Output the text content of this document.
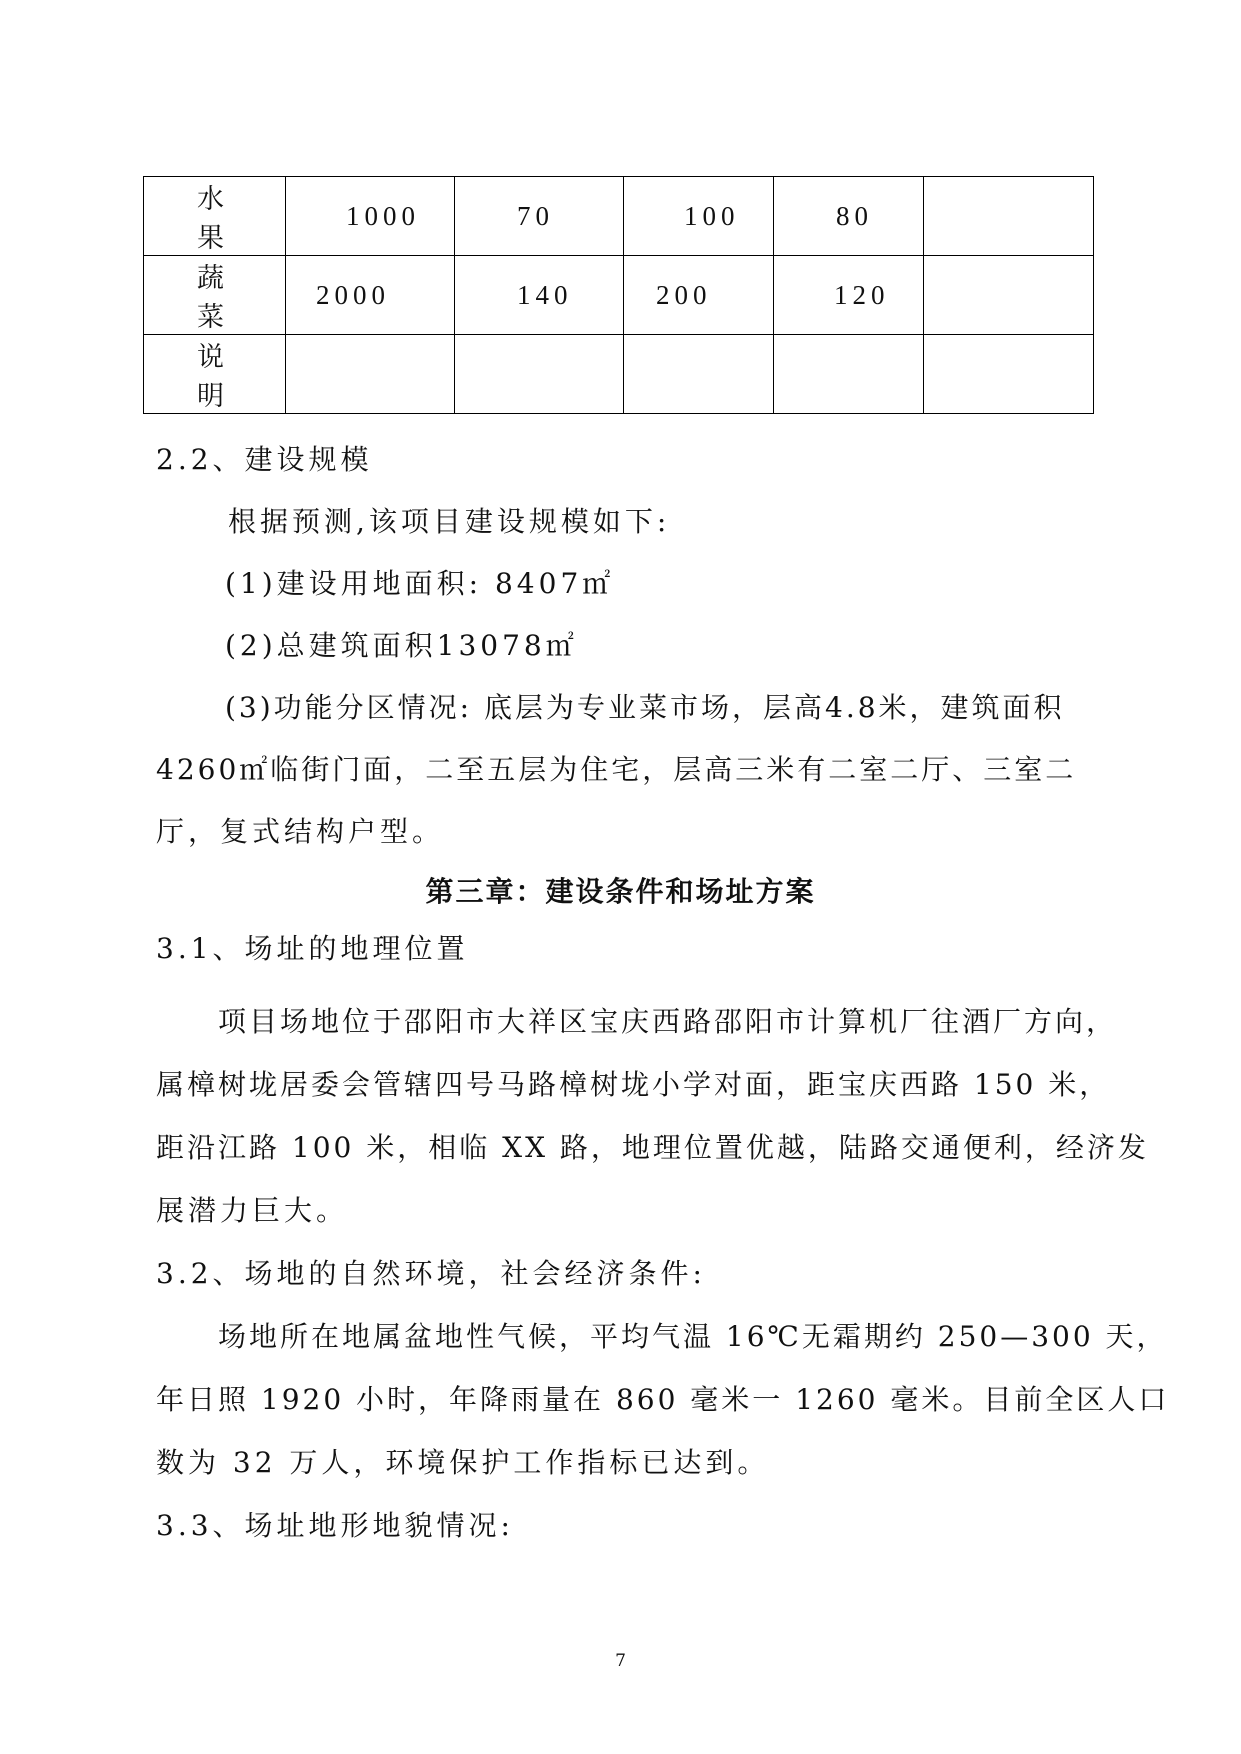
水果	1000	70	100	80	
蔬菜	2000	140	200	120	
说明					
2.2、建设规模
根据预测,该项目建设规模如下:
(1)建设用地面积: 8407㎡
(2)总建筑面积13078㎡
(3)功能分区情况: 底层为专业菜市场，层高4.8米，建筑面积
4260㎡临街门面，二至五层为住宅，层高三米有二室二厅、三室二
厅，复式结构户型。
第三章：建设条件和场址方案
3.1、场址的地理位置
项目场地位于邵阳市大祥区宝庆西路邵阳市计算机厂往酒厂方向，
属樟树垅居委会管辖四号马路樟树垅小学对面，距宝庆西路 150 米，
距沿江路 100 米，相临 XX 路，地理位置优越，陆路交通便利，经济发
展潜力巨大。
3.2、场地的自然环境，社会经济条件:
场地所在地属盆地性气候，平均气温 16℃无霜期约 250—300 天，
年日照 1920 小时，年降雨量在 860 毫米一 1260 毫米。目前全区人口
数为 32 万人，环境保护工作指标已达到。
3.3、场址地形地貌情况:
7
